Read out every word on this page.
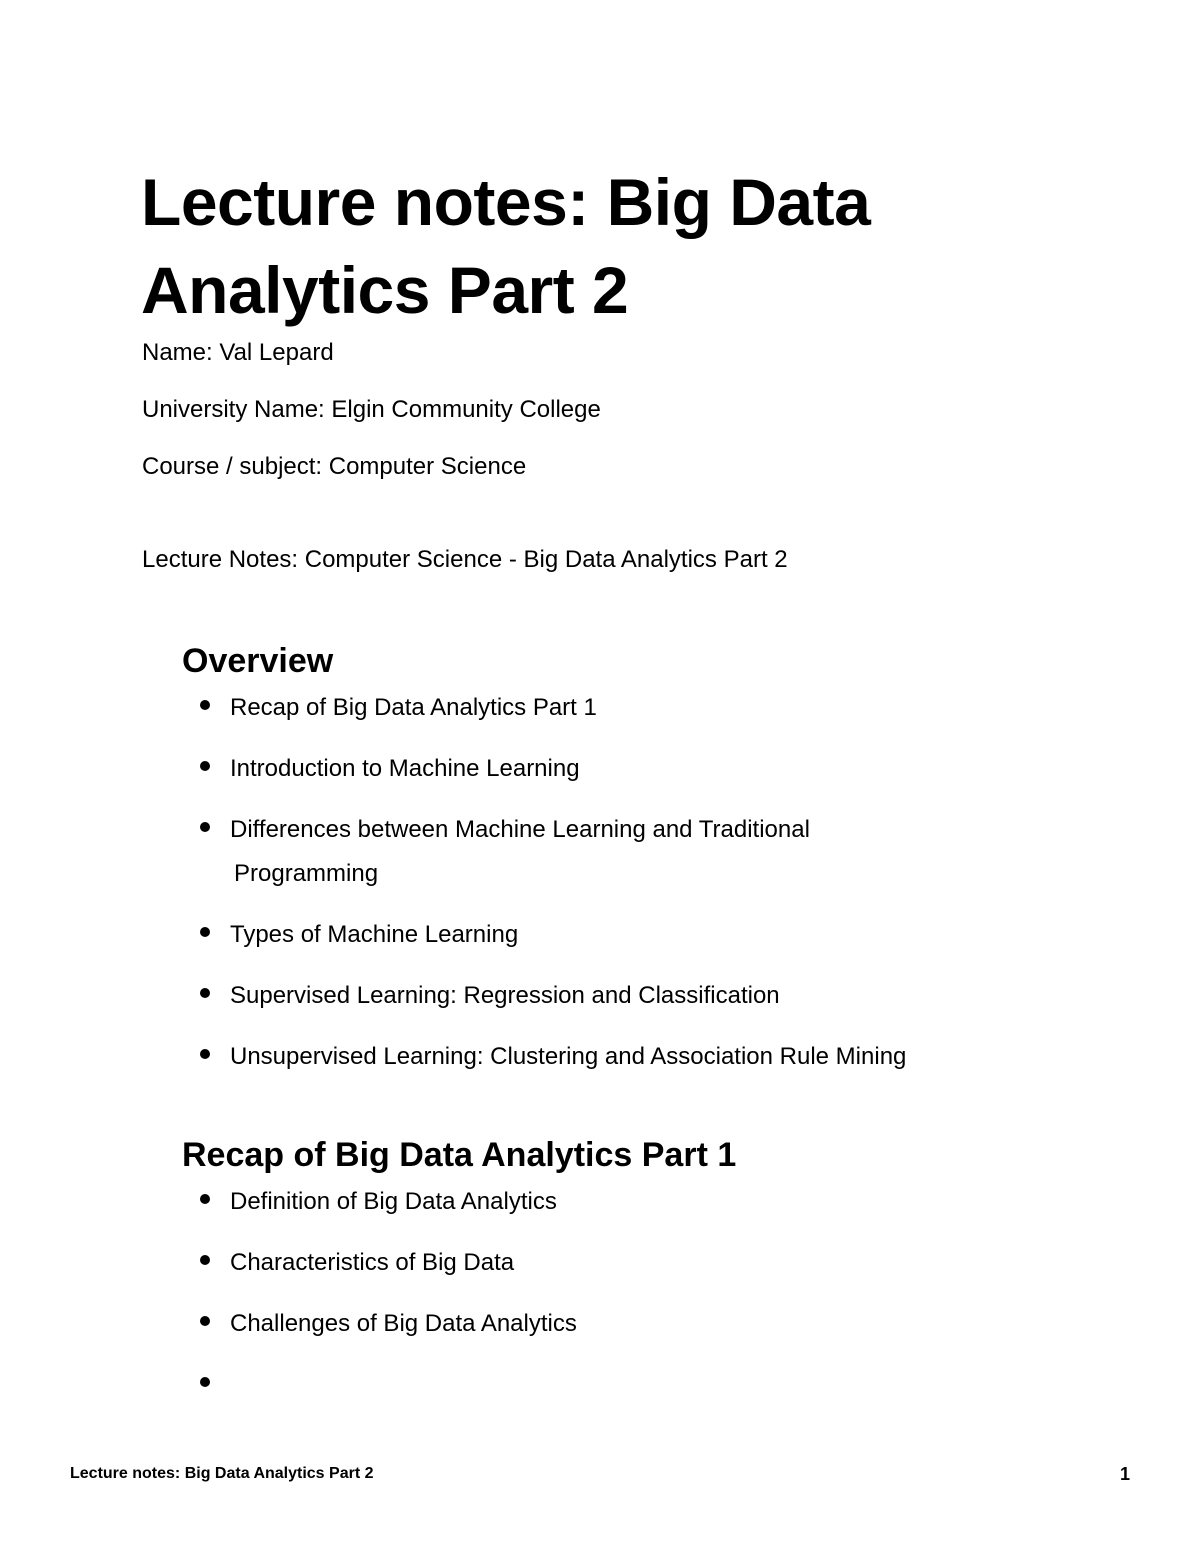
Lecture notes: Big Data Analytics Part 2

Name: Val Lepard

University Name: Elgin Community College

Course / subject: Computer Science

Lecture Notes: Computer Science - Big Data Analytics Part 2

Overview
Recap of Big Data Analytics Part 1
Introduction to Machine Learning
Differences between Machine Learning and Traditional
Programming
Types of Machine Learning
Supervised Learning: Regression and Classification
Unsupervised Learning: Clustering and Association Rule Mining
Recap of Big Data Analytics Part 1
Definition of Big Data Analytics
Characteristics of Big Data
Challenges of Big Data Analytics

Lecture notes: Big Data Analytics Part 2	1
